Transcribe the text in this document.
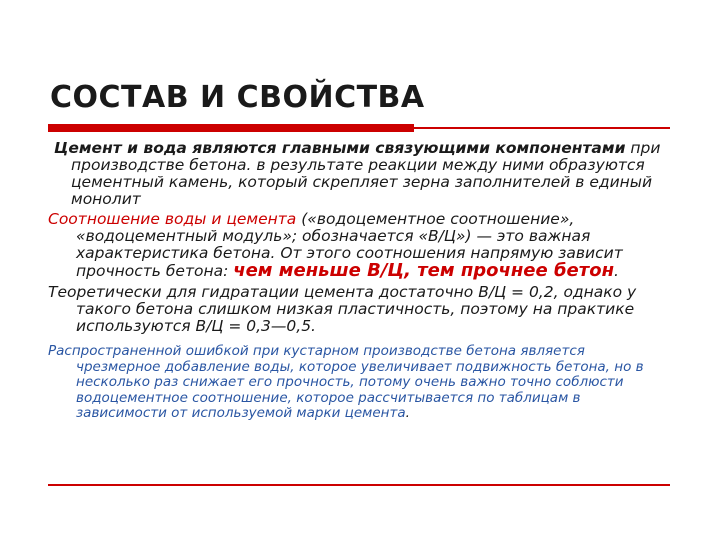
СОСТАВ И СВОЙСТВА

Цемент и вода являются главными связующими компонентами при производстве бетона. в результате реакции между ними образуются цементный камень, который скрепляет зерна заполнителей в единый монолит

Соотношение воды и цемента («водоцементное соотношение», «водоцементный модуль»; обозначается «В/Ц») — это важная характеристика бетона. От этого соотношения напрямую зависит прочность бетона: чем меньше В/Ц, тем прочнее бетон.

Теоретически для гидратации цемента достаточно В/Ц = 0,2, однако у такого бетона слишком низкая пластичность, поэтому на практике используются В/Ц = 0,3—0,5.

Распространенной ошибкой при кустарном производстве бетона является чрезмерное добавление воды, которое увеличивает подвижность бетона, но в несколько раз снижает его прочность, потому очень важно точно соблюсти водоцементное соотношение, которое рассчитывается по таблицам в зависимости от используемой марки цемента.
